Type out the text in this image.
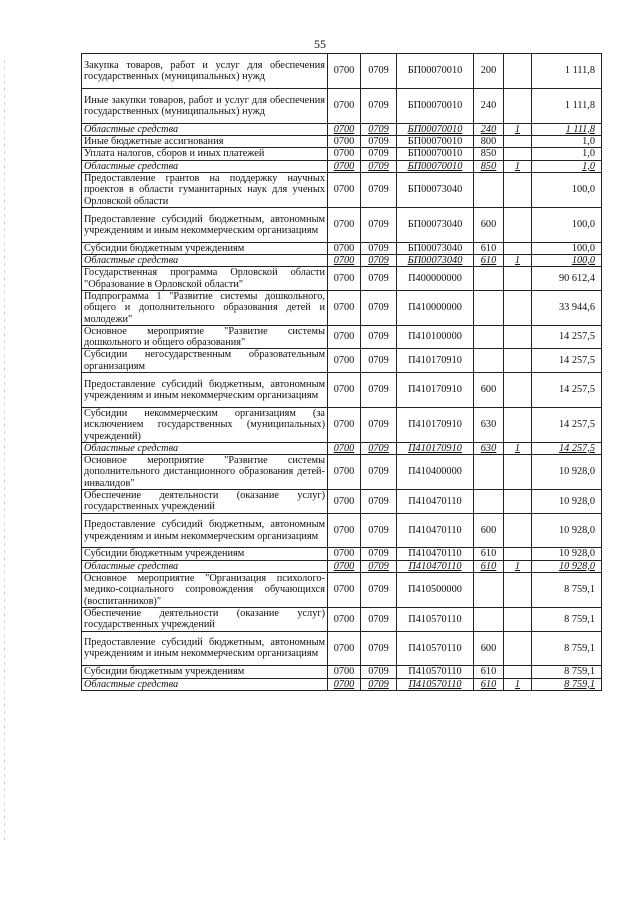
55
Закупка товаров, работ и услуг для обеспечения государственных (муниципальных) нужд	0700	0709	БП00070010	200		1 111,8
Иные закупки товаров, работ и услуг для обеспечения государственных (муниципальных) нужд	0700	0709	БП00070010	240		1 111,8
Областные средства	0700	0709	БП00070010	240	1	1 111,8
Иные бюджетные ассигнования	0700	0709	БП00070010	800		1,0
Уплата налогов, сборов и иных платежей	0700	0709	БП00070010	850		1,0
Областные средства	0700	0709	БП00070010	850	1	1,0
Предоставление грантов на поддержку научных проектов в области гуманитарных наук для ученых Орловской области	0700	0709	БП00073040			100,0
Предоставление субсидий бюджетным, автономным учреждениям и иным некоммерческим организациям	0700	0709	БП00073040	600		100,0
Субсидии бюджетным учреждениям	0700	0709	БП00073040	610		100,0
Областные средства	0700	0709	БП00073040	610	1	100,0
Государственная программа Орловской области "Образование в Орловской области"	0700	0709	П400000000			90 612,4
Подпрограмма 1 "Развитие системы дошкольного, общего и дополнительного образования детей и молодежи"	0700	0709	П410000000			33 944,6
Основное мероприятие "Развитие системы дошкольного и общего образования"	0700	0709	П410100000			14 257,5
Субсидии негосударственным образовательным организациям	0700	0709	П410170910			14 257,5
Предоставление субсидий бюджетным, автономным учреждениям и иным некоммерческим организациям	0700	0709	П410170910	600		14 257,5
Субсидии некоммерческим организациям (за исключением государственных (муниципальных) учреждений)	0700	0709	П410170910	630		14 257,5
Областные средства	0700	0709	П410170910	630	1	14 257,5
Основное мероприятие "Развитие системы дополнительного дистанционного образования детей-инвалидов"	0700	0709	П410400000			10 928,0
Обеспечение деятельности (оказание услуг) государственных учреждений	0700	0709	П410470110			10 928,0
Предоставление субсидий бюджетным, автономным учреждениям и иным некоммерческим организациям	0700	0709	П410470110	600		10 928,0
Субсидии бюджетным учреждениям	0700	0709	П410470110	610		10 928,0
Областные средства	0700	0709	П410470110	610	1	10 928,0
Основное мероприятие "Организация психолого-медико-социального сопровождения обучающихся (воспитанников)"	0700	0709	П410500000			8 759,1
Обеспечение деятельности (оказание услуг) государственных учреждений	0700	0709	П410570110			8 759,1
Предоставление субсидий бюджетным, автономным учреждениям и иным некоммерческим организациям	0700	0709	П410570110	600		8 759,1
Субсидии бюджетным учреждениям	0700	0709	П410570110	610		8 759,1
Областные средства	0700	0709	П410570110	610	1	8 759,1
